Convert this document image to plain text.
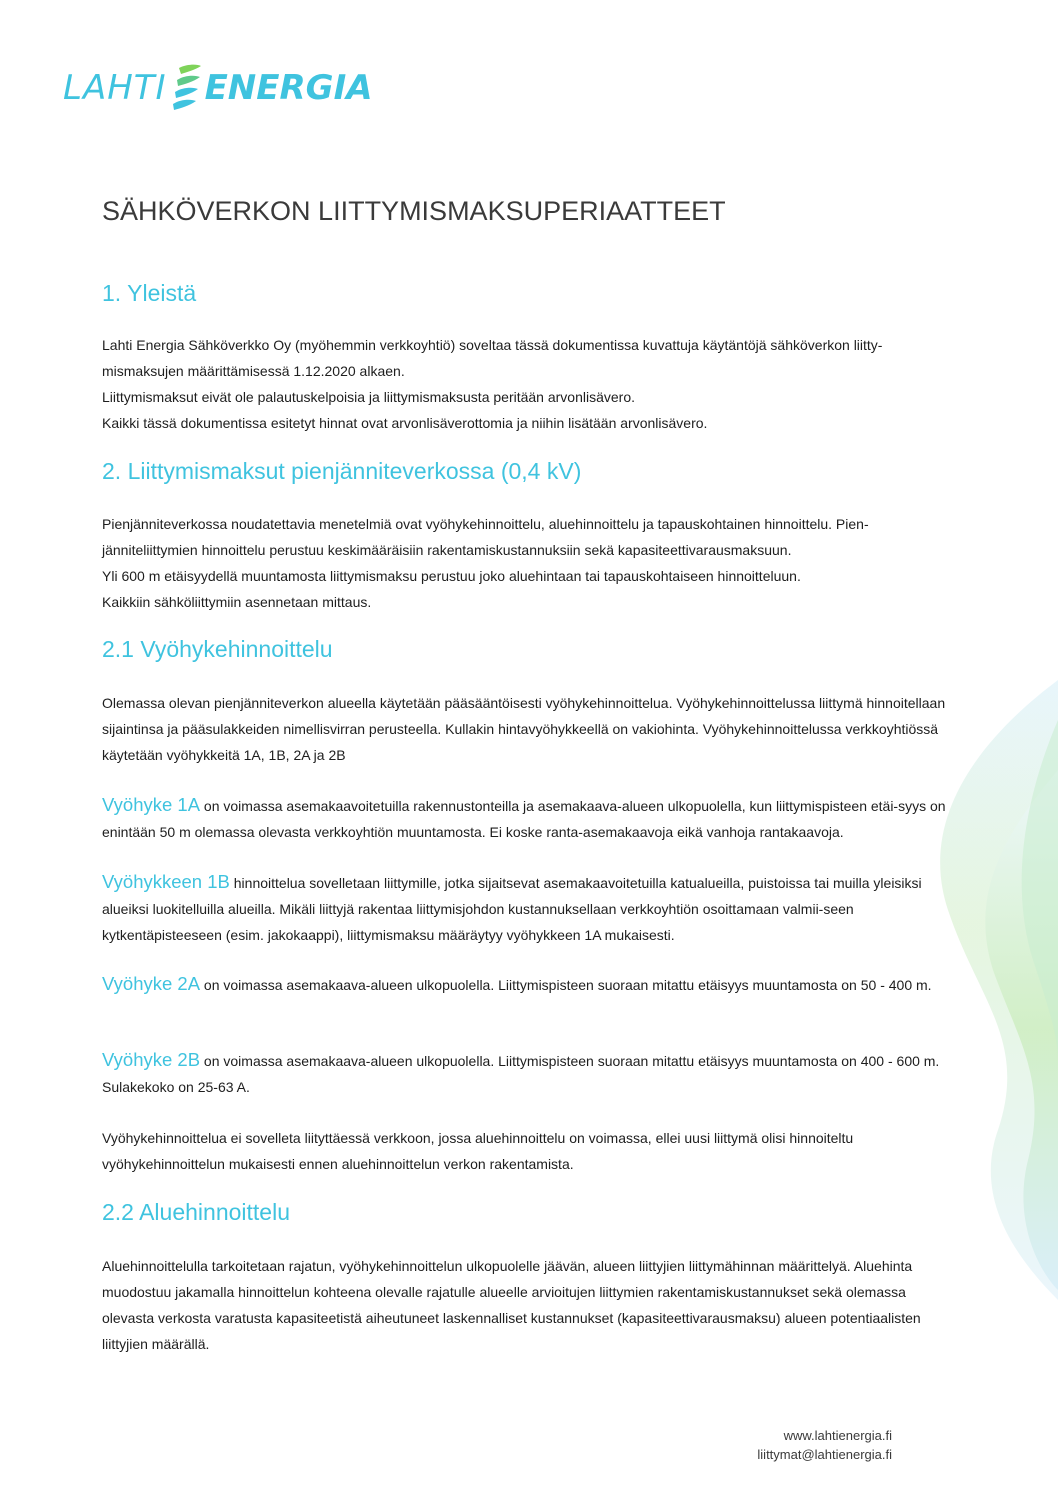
LAHTI ENERGIA
SÄHKÖVERKON LIITTYMISMAKSUPERIAATTEET
1. Yleistä

Lahti Energia Sähköverkko Oy (myöhemmin verkkoyhtiö) soveltaa tässä dokumentissa kuvattuja käytäntöjä sähköverkon liitty-mismaksujen määrittämisessä 1.12.2020 alkaen.

Liittymismaksut eivät ole palautuskelpoisia ja liittymismaksusta peritään arvonlisävero.

Kaikki tässä dokumentissa esitetyt hinnat ovat arvonlisäverottomia ja niihin lisätään arvonlisävero.

2. Liittymismaksut pienjänniteverkossa (0,4 kV)

Pienjänniteverkossa noudatettavia menetelmiä ovat vyöhykehinnoittelu, aluehinnoittelu ja tapauskohtainen hinnoittelu. Pien-jänniteliittymien hinnoittelu perustuu keskimääräisiin rakentamiskustannuksiin sekä kapasiteettivarausmaksuun.

Yli 600 m etäisyydellä muuntamosta liittymismaksu perustuu joko aluehintaan tai tapauskohtaiseen hinnoitteluun.

Kaikkiin sähköliittymiin asennetaan mittaus.

2.1 Vyöhykehinnoittelu

Olemassa olevan pienjänniteverkon alueella käytetään pääsääntöisesti vyöhykehinnoittelua. Vyöhykehinnoittelussa liittymä hinnoitellaan sijaintinsa ja pääsulakkeiden nimellisvirran perusteella. Kullakin hintavyöhykkeellä on vakiohinta. Vyöhykehinnoittelussa verkkoyhtiössä käytetään vyöhykkeitä 1A, 1B, 2A ja 2B

Vyöhyke 1A on voimassa asemakaavoitetuilla rakennustonteilla ja asemakaava-alueen ulkopuolella, kun liittymispisteen etäi-syys on enintään 50 m olemassa olevasta verkkoyhtiön muuntamosta. Ei koske ranta-asemakaavoja eikä vanhoja rantakaavoja.

Vyöhykkeen 1B hinnoittelua sovelletaan liittymille, jotka sijaitsevat asemakaavoitetuilla katualueilla, puistoissa tai muilla yleisiksi alueiksi luokitelluilla alueilla. Mikäli liittyjä rakentaa liittymisjohdon kustannuksellaan verkkoyhtiön osoittamaan valmii-seen kytkentäpisteeseen (esim. jakokaappi), liittymismaksu määräytyy vyöhykkeen 1A mukaisesti.

Vyöhyke 2A on voimassa asemakaava-alueen ulkopuolella. Liittymispisteen suoraan mitattu etäisyys muuntamosta on 50 - 400 m.

Vyöhyke 2B on voimassa asemakaava-alueen ulkopuolella. Liittymispisteen suoraan mitattu etäisyys muuntamosta on 400 - 600 m. Sulakekoko on 25-63 A.

Vyöhykehinnoittelua ei sovelleta liityttäessä verkkoon, jossa aluehinnoittelu on voimassa, ellei uusi liittymä olisi hinnoiteltu vyöhykehinnoittelun mukaisesti ennen aluehinnoittelun verkon rakentamista.

2.2 Aluehinnoittelu

Aluehinnoittelulla tarkoitetaan rajatun, vyöhykehinnoittelun ulkopuolelle jäävän, alueen liittyjien liittymähinnan määrittelyä. Aluehinta muodostuu jakamalla hinnoittelun kohteena olevalle rajatulle alueelle arvioitujen liittymien rakentamiskustannukset sekä olemassa olevasta verkosta varatusta kapasiteetistä aiheutuneet laskennalliset kustannukset (kapasiteettivarausmaksu) alueen potentiaalisten liittyjien määrällä.

www.lahtienergia.fi
liittymat@lahtienergia.fi
